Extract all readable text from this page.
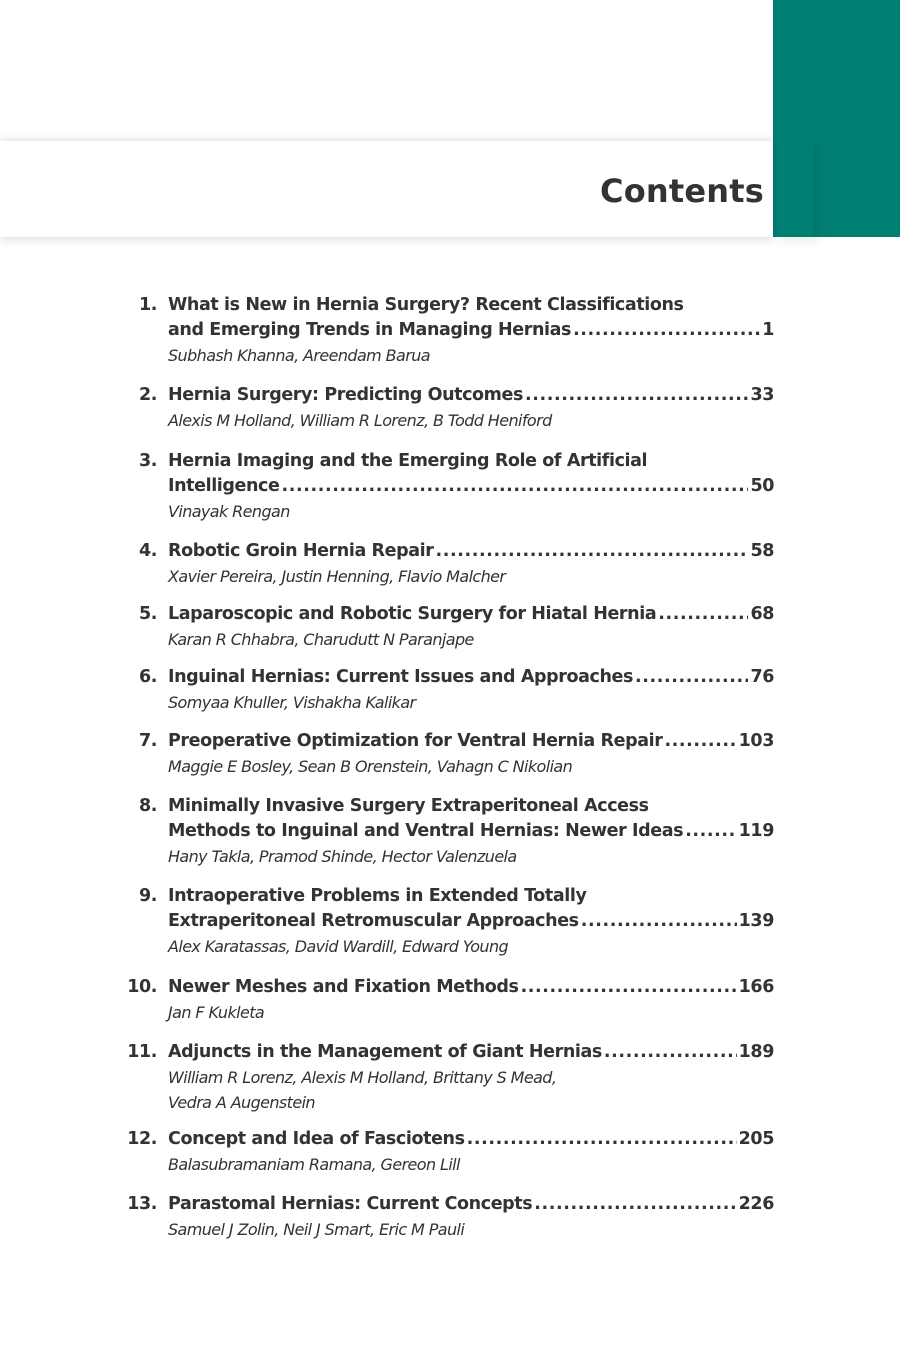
Contents
1. What is New in Hernia Surgery? Recent Classifications
and Emerging Trends in Managing Hernias .....	1
Subhash Khanna, Areendam Barua
2. Hernia Surgery: Predicting Outcomes .....	33
Alexis M Holland, William R Lorenz, B Todd Heniford
3. Hernia Imaging and the Emerging Role of Artificial
Intelligence .....	50
Vinayak Rengan
4. Robotic Groin Hernia Repair .....	58
Xavier Pereira, Justin Henning, Flavio Malcher
5. Laparoscopic and Robotic Surgery for Hiatal Hernia .....	68
Karan R Chhabra, Charudutt N Paranjape
6. Inguinal Hernias: Current Issues and Approaches .....	76
Somyaa Khuller, Vishakha Kalikar
7. Preoperative Optimization for Ventral Hernia Repair .....	103
Maggie E Bosley, Sean B Orenstein, Vahagn C Nikolian
8. Minimally Invasive Surgery Extraperitoneal Access
Methods to Inguinal and Ventral Hernias: Newer Ideas .....	119
Hany Takla, Pramod Shinde, Hector Valenzuela
9. Intraoperative Problems in Extended Totally
Extraperitoneal Retromuscular Approaches .....	139
Alex Karatassas, David Wardill, Edward Young
10. Newer Meshes and Fixation Methods .....	166
Jan F Kukleta
11. Adjuncts in the Management of Giant Hernias .....	189
William R Lorenz, Alexis M Holland, Brittany S Mead,
Vedra A Augenstein
12. Concept and Idea of Fasciotens .....	205
Balasubramaniam Ramana, Gereon Lill
13. Parastomal Hernias: Current Concepts .....	226
Samuel J Zolin, Neil J Smart, Eric M Pauli
